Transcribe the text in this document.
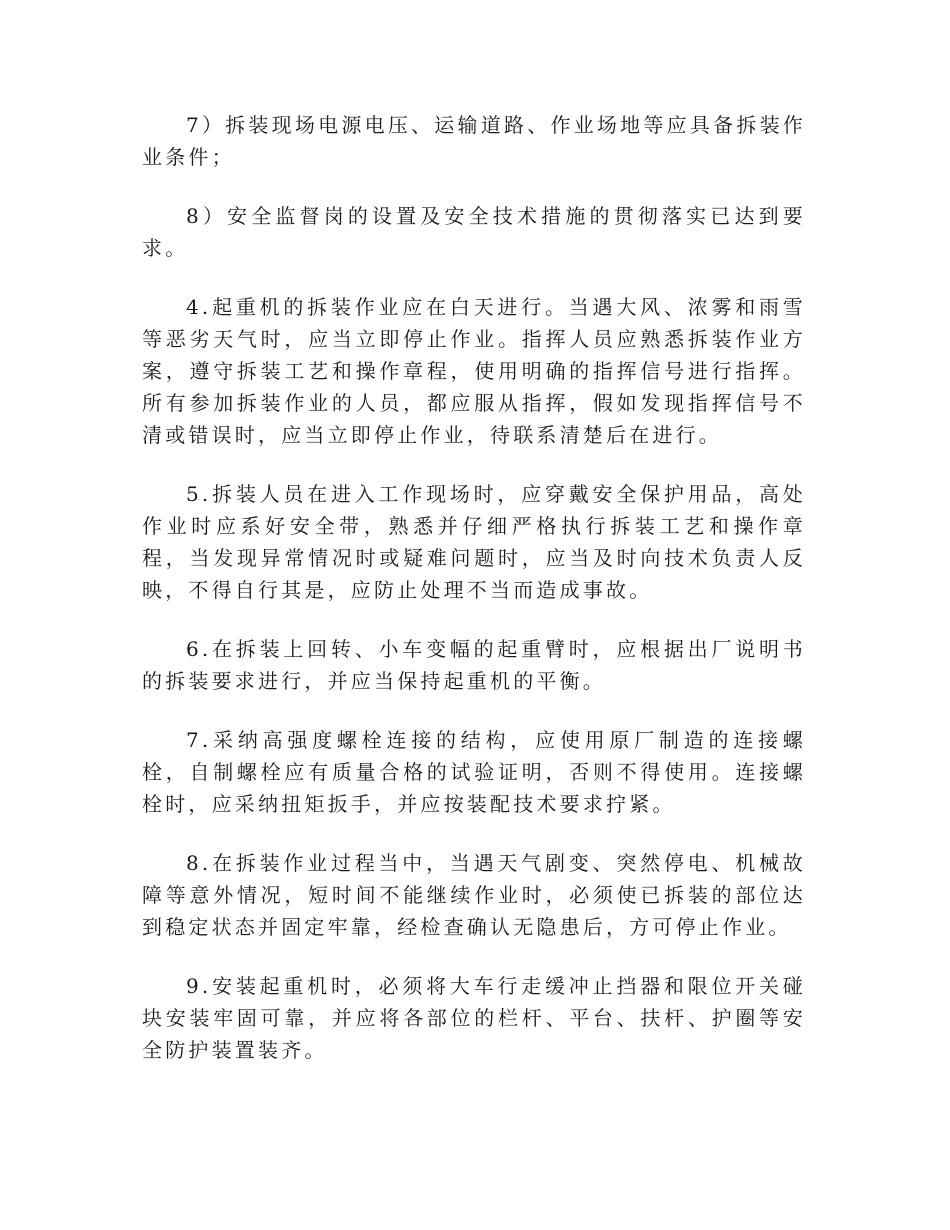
7）拆装现场电源电压、运输道路、作业场地等应具备拆装作业条件；

8）安全监督岗的设置及安全技术措施的贯彻落实已达到要求。

4.起重机的拆装作业应在白天进行。当遇大风、浓雾和雨雪等恶劣天气时，应当立即停止作业。指挥人员应熟悉拆装作业方案，遵守拆装工艺和操作章程，使用明确的指挥信号进行指挥。所有参加拆装作业的人员，都应服从指挥，假如发现指挥信号不清或错误时，应当立即停止作业，待联系清楚后在进行。

5.拆装人员在进入工作现场时，应穿戴安全保护用品，高处作业时应系好安全带，熟悉并仔细严格执行拆装工艺和操作章程，当发现异常情况时或疑难问题时，应当及时向技术负责人反映，不得自行其是，应防止处理不当而造成事故。

6.在拆装上回转、小车变幅的起重臂时，应根据出厂说明书的拆装要求进行，并应当保持起重机的平衡。

7.采纳高强度螺栓连接的结构，应使用原厂制造的连接螺栓，自制螺栓应有质量合格的试验证明，否则不得使用。连接螺栓时，应采纳扭矩扳手，并应按装配技术要求拧紧。

8.在拆装作业过程当中，当遇天气剧变、突然停电、机械故障等意外情况，短时间不能继续作业时，必须使已拆装的部位达到稳定状态并固定牢靠，经检查确认无隐患后，方可停止作业。

9.安装起重机时，必须将大车行走缓冲止挡器和限位开关碰块安装牢固可靠，并应将各部位的栏杆、平台、扶杆、护圈等安全防护装置装齐。
